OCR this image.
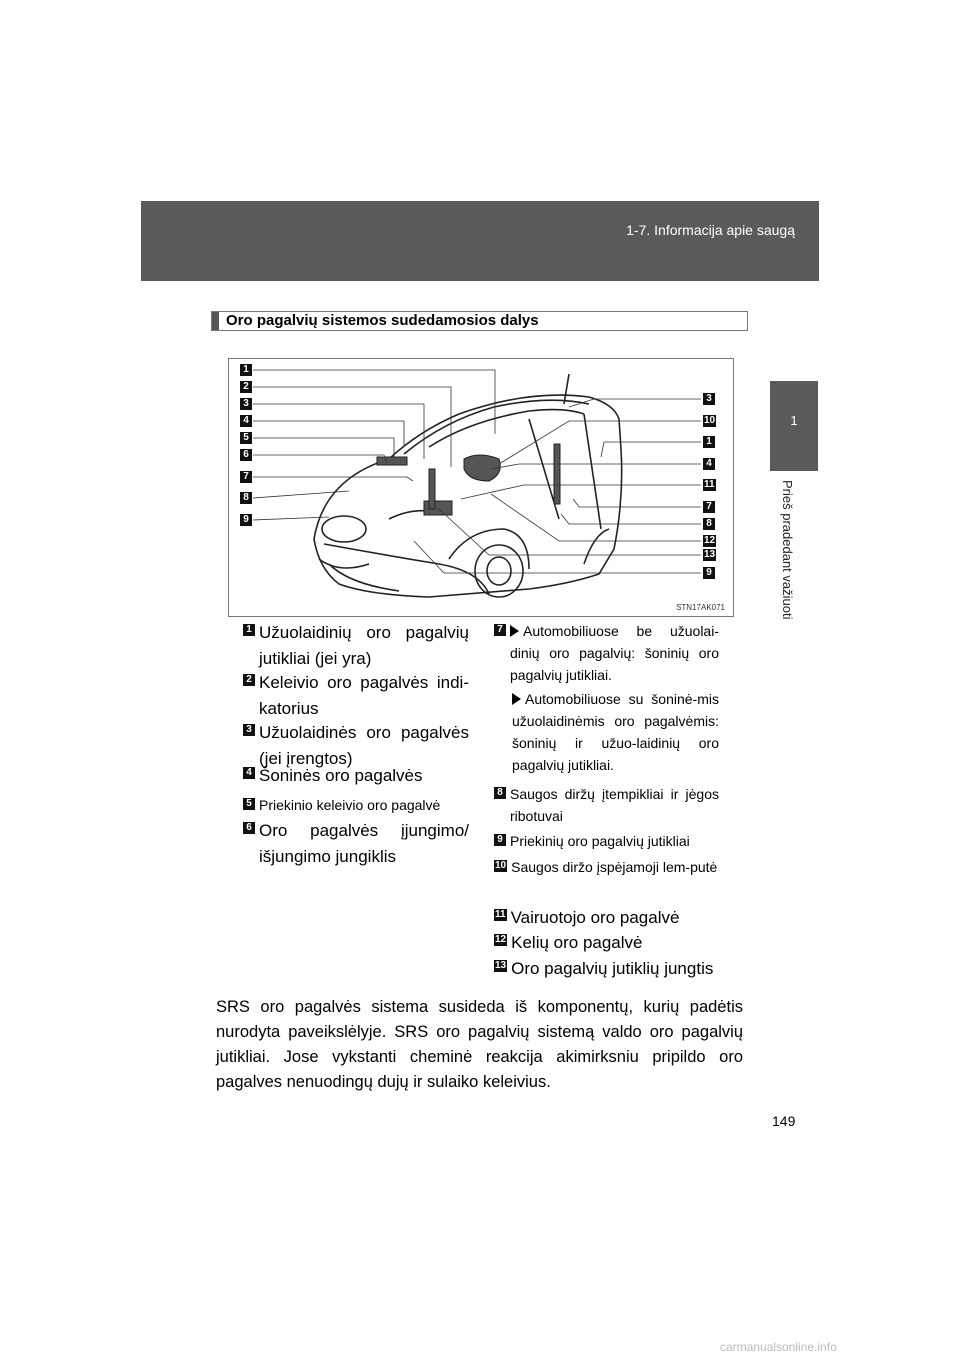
1-7. Informacija apie saugą
1
Prieš pradedant važiuoti
Oro pagalvių sistemos sudedamosios dalys
1
2
3
4
5
6
7
8
9
3
10
1
4
11
7
8
12
13
9
STN17AK071
1 Užuolaidinių oro pagalvių jutikliai (jei yra)
2 Keleivio oro pagalvės indi-katorius
3 Užuolaidinės oro pagalvės (jei įrengtos)
4 Šoninės oro pagalvės
5 Priekinio keleivio oro pagalvė
6 Oro pagalvės įjungimo/ išjungimo jungiklis
7	Automobiliuose be užuolai-dinių oro pagalvių: šoninių oro pagalvių jutikliai.
Automobiliuose su šoninė-mis užuolaidinėmis oro pagalvėmis: šoninių ir užuo-laidinių oro pagalvių jutikliai.
8 Saugos diržų įtempikliai ir jėgos ribotuvai
9 Priekinių oro pagalvių jutikliai
10 Saugos diržo įspėjamoji lem-putė
11 Vairuotojo oro pagalvė
12 Kelių oro pagalvė
13 Oro pagalvių jutiklių jungtis
SRS oro pagalvės sistema susideda iš komponentų, kurių padėtis nurodyta paveikslėlyje. SRS oro pagalvių sistemą valdo oro pagalvių jutikliai. Jose vykstanti cheminė reakcija akimirksniu pripildo oro pagalves nenuodingų dujų ir sulaiko keleivius.
149
carmanualsonline.info
